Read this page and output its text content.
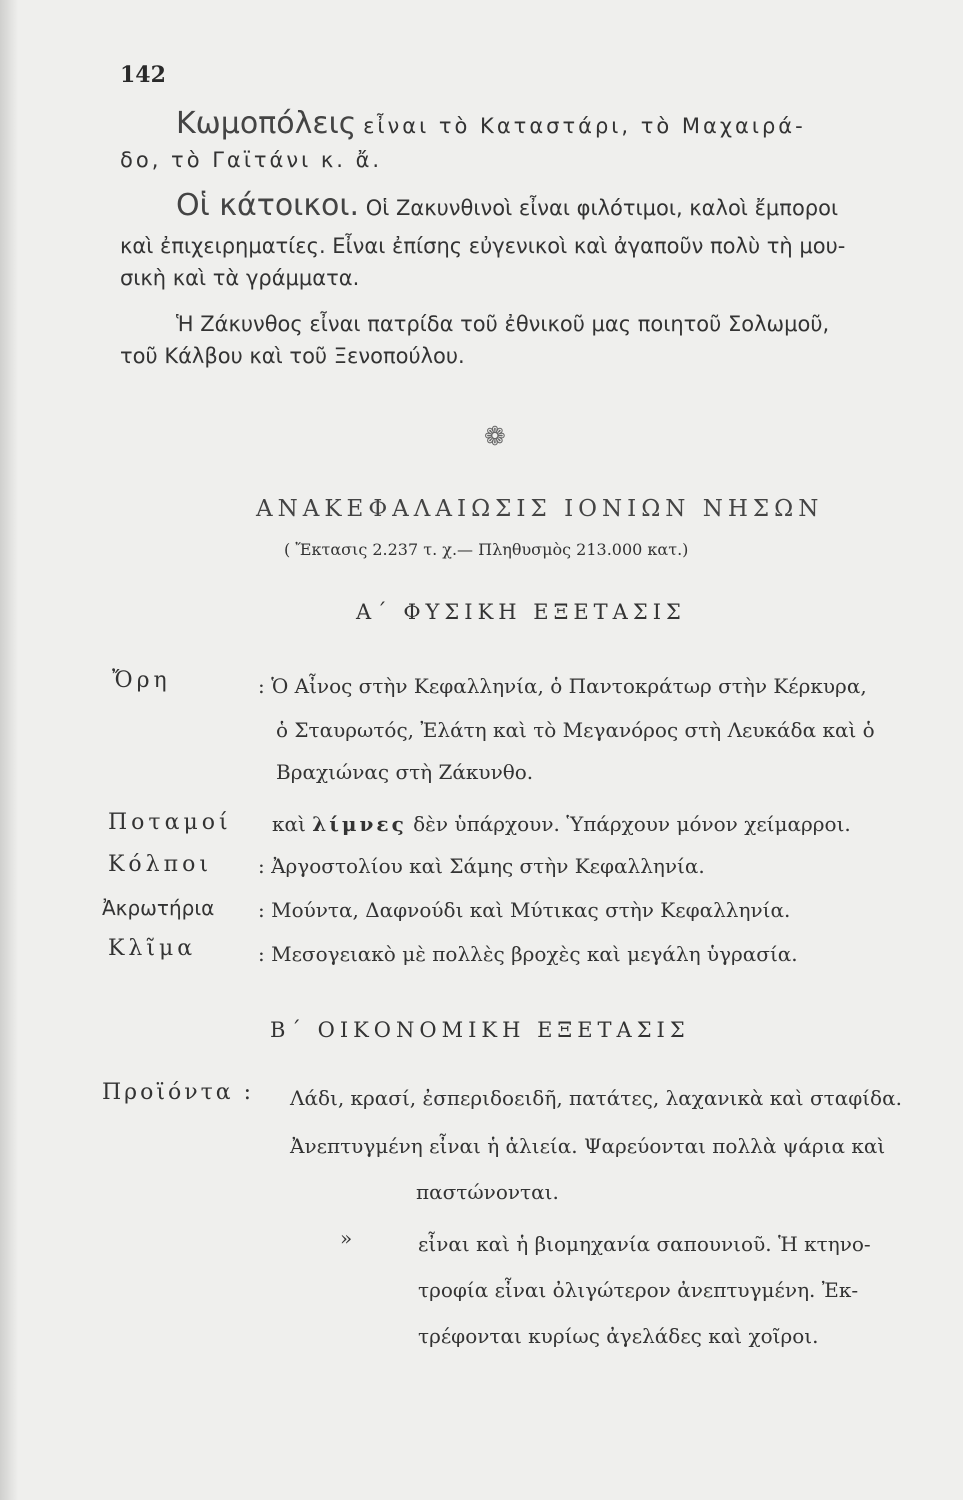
142
Κωμοπόλεις εἶναι τὸ Καταστάρι, τὸ Μαχαιρά-
δο, τὸ Γαϊτάνι κ. ἄ.
Οἱ κάτοικοι. Οἱ Ζακυνθινοὶ εἶναι φιλότιμοι, καλοὶ ἔμποροι
καὶ ἐπιχειρηματίες. Εἶναι ἐπίσης εὐγενικοὶ καὶ ἀγαποῦν πολὺ τὴ μου-
σικὴ καὶ τὰ γράμματα.
Ἡ Ζάκυνθος εἶναι πατρίδα τοῦ ἐθνικοῦ μας ποιητοῦ Σολωμοῦ,
τοῦ Κάλβου καὶ τοῦ Ξενοπούλου.
❁
ΑΝΑΚΕΦΑΛΑΙΩΣΙΣ ΙΟΝΙΩΝ ΝΗΣΩΝ
( Ἔκτασις 2.237 τ. χ.— Πληθυσμὸς 213.000 κατ.)
Α΄ ΦΥΣΙΚΗ ΕΞΕΤΑΣΙΣ
Ὄρη	: Ὁ Αἶνος στὴν Κεφαλληνία, ὁ Παντοκράτωρ στὴν Κέρκυρα,
ὁ Σταυρωτός, Ἐλάτη καὶ τὸ Μεγανόρος στὴ Λευκάδα καὶ ὁ
Βραχιώνας στὴ Ζάκυνθο.
Ποταμοί καὶ λίμνες δὲν ὑπάρχουν. Ὑπάρχουν μόνον χείμαρροι.
Κόλποι : Ἀργοστολίου καὶ Σάμης στὴν Κεφαλληνία.
Ἀκρωτήρια : Μούντα, Δαφνούδι καὶ Μύτικας στὴν Κεφαλληνία.
Κλῖμα	: Μεσογειακὸ μὲ πολλὲς βροχὲς καὶ μεγάλη ὑγρασία.
Β΄ ΟΙΚΟΝΟΜΙΚΗ ΕΞΕΤΑΣΙΣ
Προϊόντα : Λάδι, κρασί, ἐσπεριδοειδῆ, πατάτες, λαχανικὰ καὶ σταφίδα.
Ἀνεπτυγμένη εἶναι ἡ ἁλιεία. Ψαρεύονται πολλὰ ψάρια καὶ
παστώνονται.
»	εἶναι καὶ ἡ βιομηχανία σαπουνιοῦ. Ἡ κτηνο-
τροφία εἶναι ὀλιγώτερον ἀνεπτυγμένη. Ἐκ-
τρέφονται κυρίως ἀγελάδες καὶ χοῖροι.
